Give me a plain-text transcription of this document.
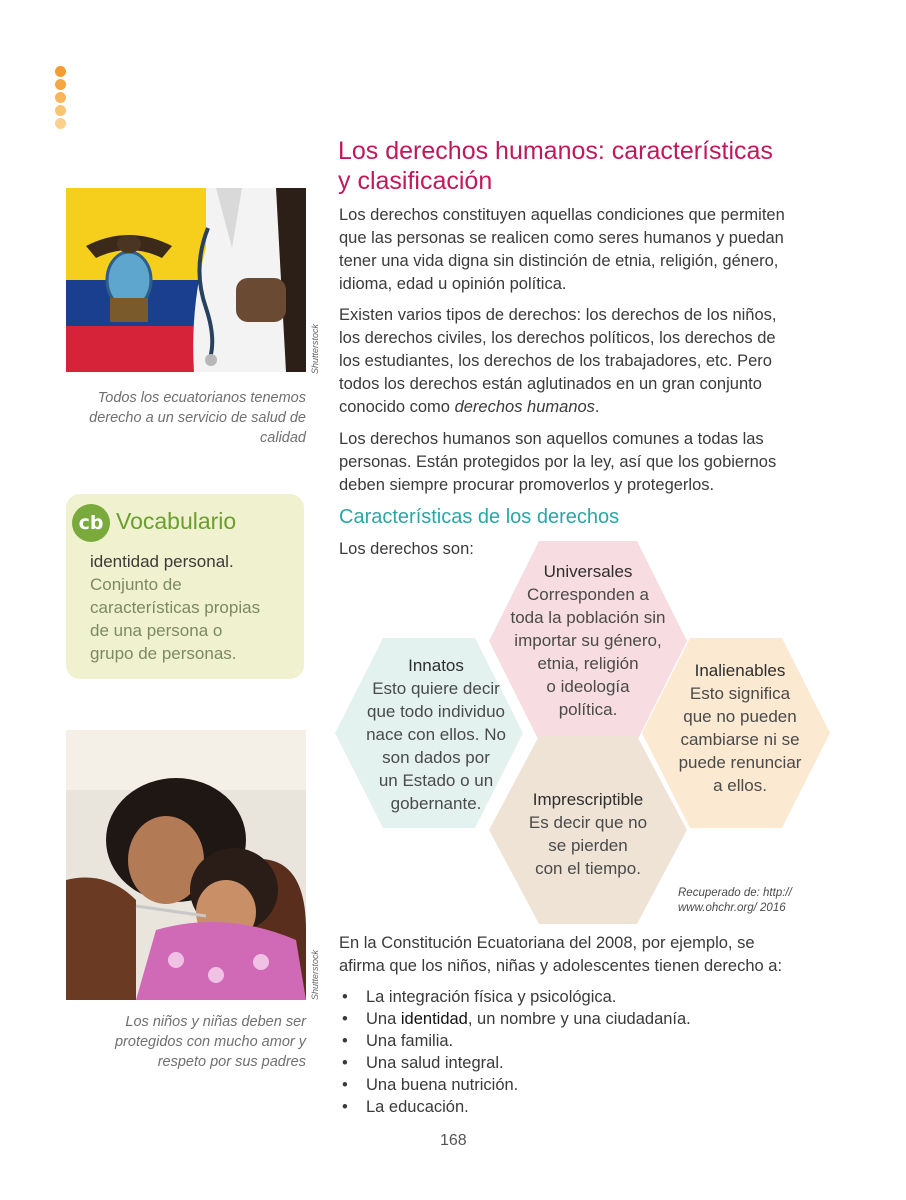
Los derechos humanos: características
y clasificación
Los derechos constituyen aquellas condiciones que permiten
que las personas se realicen como seres humanos y puedan
tener una vida digna sin distinción de etnia, religión, género,
idioma, edad u opinión política.
Existen varios tipos de derechos: los derechos de los niños,
los derechos civiles, los derechos políticos, los derechos de
los estudiantes, los derechos de los trabajadores, etc. Pero
todos los derechos están aglutinados en un gran conjunto
conocido como derechos humanos.
Los derechos humanos son aquellos comunes a todas las
personas. Están protegidos por la ley, así que los gobiernos
deben siempre procurar promoverlos y protegerlos.
Características de los derechos
Los derechos son:
Universales
Corresponden a
toda la población sin
importar su género,
etnia, religión
o ideología
política.
Innatos
Esto quiere decir
que todo individuo
nace con ellos. No
son dados por
un Estado o un
gobernante.
Inalienables
Esto significa
que no pueden
cambiarse ni se
puede renunciar
a ellos.
Imprescriptible
Es decir que no
se pierden
con el tiempo.
Recuperado de: http://
www.ohchr.org/ 2016
En la Constitución Ecuatoriana del 2008, por ejemplo, se
afirma que los niños, niñas y adolescentes tienen derecho a:
• La integración física y psicológica.
• Una identidad, un nombre y una ciudadanía.
• Una familia.
• Una salud integral.
• Una buena nutrición.
• La educación.
Shutterstock
Todos los ecuatorianos tenemos
derecho a un servicio de salud de
calidad
cb Vocabulario
identidad personal.
Conjunto de
características propias
de una persona o
grupo de personas.
Shutterstock
Los niños y niñas deben ser
protegidos con mucho amor y
respeto por sus padres
168
